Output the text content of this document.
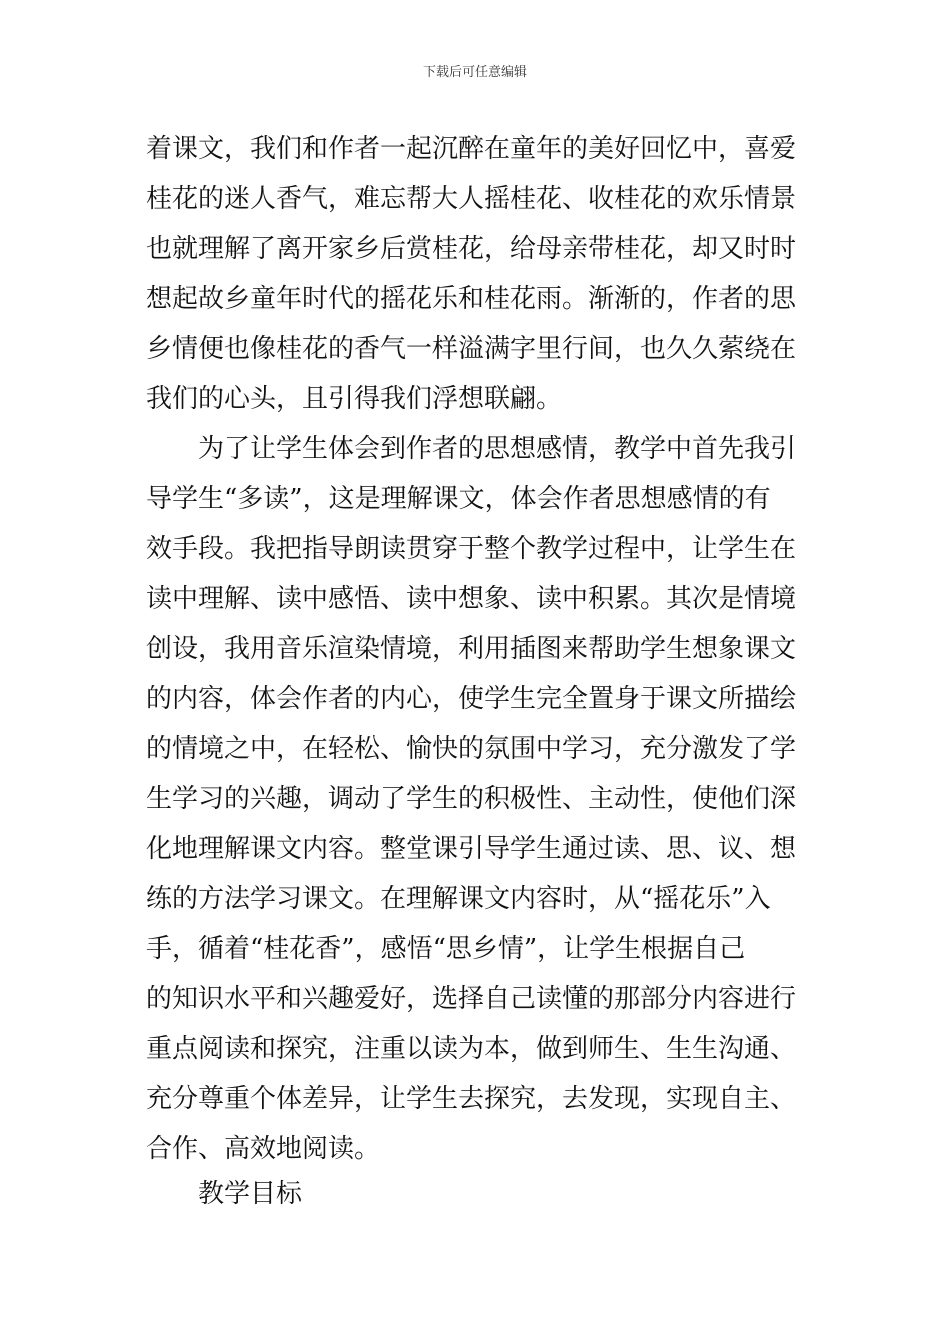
下载后可任意编辑
着课文，我们和作者一起沉醉在童年的美好回忆中，喜爱
桂花的迷人香气，难忘帮大人摇桂花、收桂花的欢乐情景
也就理解了离开家乡后赏桂花，给母亲带桂花，却又时时
想起故乡童年时代的摇花乐和桂花雨。渐渐的，作者的思
乡情便也像桂花的香气一样溢满字里行间，也久久萦绕在
我们的心头，且引得我们浮想联翩。
为了让学生体会到作者的思想感情，教学中首先我引
导学生“多读”，这是理解课文，体会作者思想感情的有
效手段。我把指导朗读贯穿于整个教学过程中，让学生在
读中理解、读中感悟、读中想象、读中积累。其次是情境
创设，我用音乐渲染情境，利用插图来帮助学生想象课文
的内容，体会作者的内心，使学生完全置身于课文所描绘
的情境之中，在轻松、愉快的氛围中学习，充分激发了学
生学习的兴趣，调动了学生的积极性、主动性，使他们深
化地理解课文内容。整堂课引导学生通过读、思、议、想
练的方法学习课文。在理解课文内容时，从“摇花乐”入
手，循着“桂花香”，感悟“思乡情”，让学生根据自己
的知识水平和兴趣爱好，选择自己读懂的那部分内容进行
重点阅读和探究，注重以读为本，做到师生、生生沟通、
充分尊重个体差异，让学生去探究，去发现，实现自主、
合作、高效地阅读。
教学目标
